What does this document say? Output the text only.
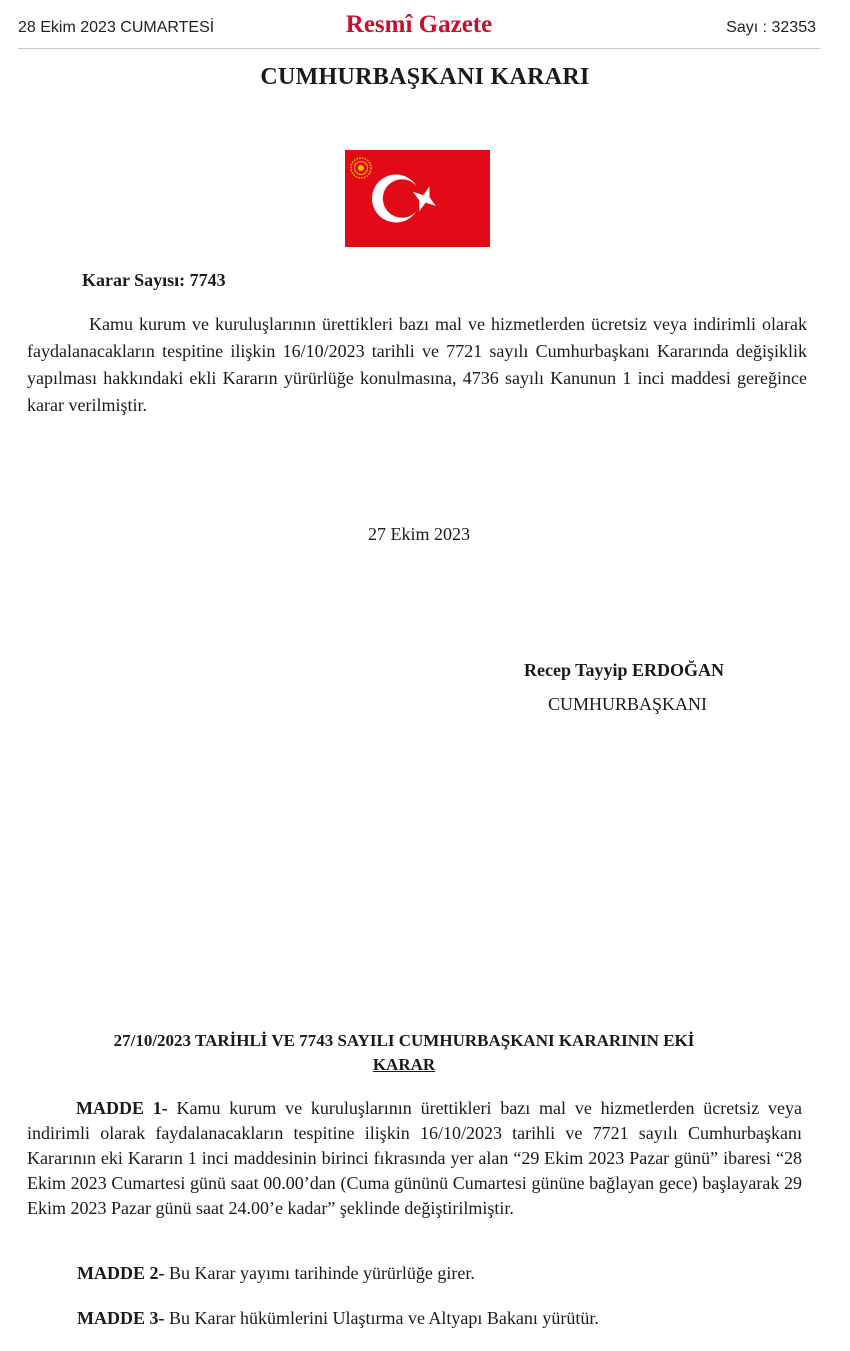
28 Ekim 2023 CUMARTESİ	Resmî Gazete	Sayı : 32353
CUMHURBAŞKANI KARARI
Karar Sayısı: 7743
Kamu kurum ve kuruluşlarının ürettikleri bazı mal ve hizmetlerden ücretsiz veya indirimli olarak faydalanacakların tespitine ilişkin 16/10/2023 tarihli ve 7721 sayılı Cumhurbaşkanı Kararında değişiklik yapılması hakkındaki ekli Kararın yürürlüğe konulmasına, 4736 sayılı Kanunun 1 inci maddesi gereğince karar verilmiştir.
27 Ekim 2023
Recep Tayyip ERDOĞAN
CUMHURBAŞKANI
27/10/2023 TARİHLİ VE 7743 SAYILI CUMHURBAŞKANI KARARININ EKİ
KARAR
MADDE 1- Kamu kurum ve kuruluşlarının ürettikleri bazı mal ve hizmetlerden ücretsiz veya indirimli olarak faydalanacakların tespitine ilişkin 16/10/2023 tarihli ve 7721 sayılı Cumhurbaşkanı Kararının eki Kararın 1 inci maddesinin birinci fıkrasında yer alan “29 Ekim 2023 Pazar günü” ibaresi “28 Ekim 2023 Cumartesi günü saat 00.00’dan (Cuma gününü Cumartesi gününe bağlayan gece) başlayarak 29 Ekim 2023 Pazar günü saat 24.00’e kadar” şeklinde değiştirilmiştir.
MADDE 2- Bu Karar yayımı tarihinde yürürlüğe girer.
MADDE 3- Bu Karar hükümlerini Ulaştırma ve Altyapı Bakanı yürütür.
